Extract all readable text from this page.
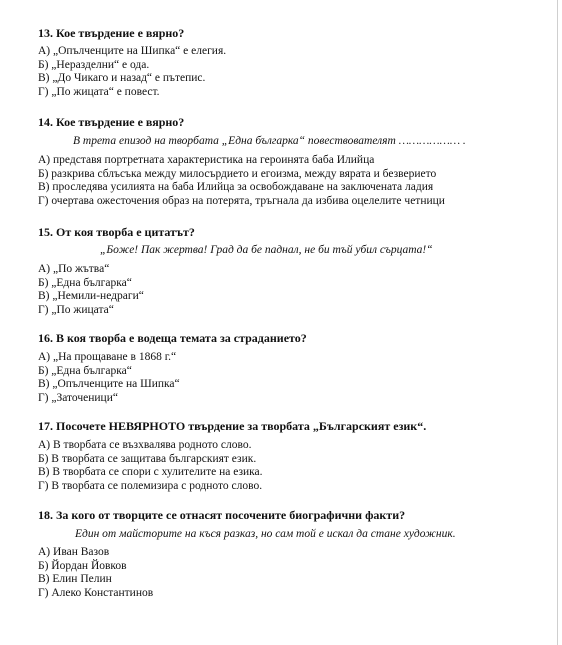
13. Кое твърдение е вярно?
А) „Опълченците на Шипка“ е елегия.
Б) „Неразделни“ е ода.
В) „До Чикаго и назад“ е пътепис.
Г) „По жицата“ е повест.
14. Кое твърдение е вярно?
В трета епизод на творбата „Една българка“ повествователят ……………… .
А) представя портретната характеристика на героинята баба Илийца
Б) разкрива сблъсъка между милосърдието и егоизма, между вярата и безверието
В) проследява усилията на баба Илийца за освобождаване на заключената ладия
Г) очертава ожесточения образ на потерята, тръгнала да избива оцелелите четници
15. От коя творба е цитатът?
„Боже! Пак жертва! Град да бе паднал, не би тъй убил сърцата!“
А) „По жътва“
Б) „Една българка“
В) „Немили-недраги“
Г) „По жицата“
16. В коя творба е водеща темата за страданието?
А) „На прощаване в 1868 г.“
Б) „Една българка“
В) „Опълченците на Шипка“
Г) „Заточеници“
17. Посочете НЕВЯРНОТО твърдение за творбата „Българският език“.
А) В творбата се възхвалява родното слово.
Б) В творбата се защитава българският език.
В) В творбата се спори с хулителите на езика.
Г) В творбата се полемизира с родното слово.
18. За кого от творците се отнасят посочените биографични факти?
Един от майсторите на къся разказ, но сам той е искал да стане художник.
А) Иван Вазов
Б) Йордан Йовков
В) Елин Пелин
Г) Алеко Константинов
